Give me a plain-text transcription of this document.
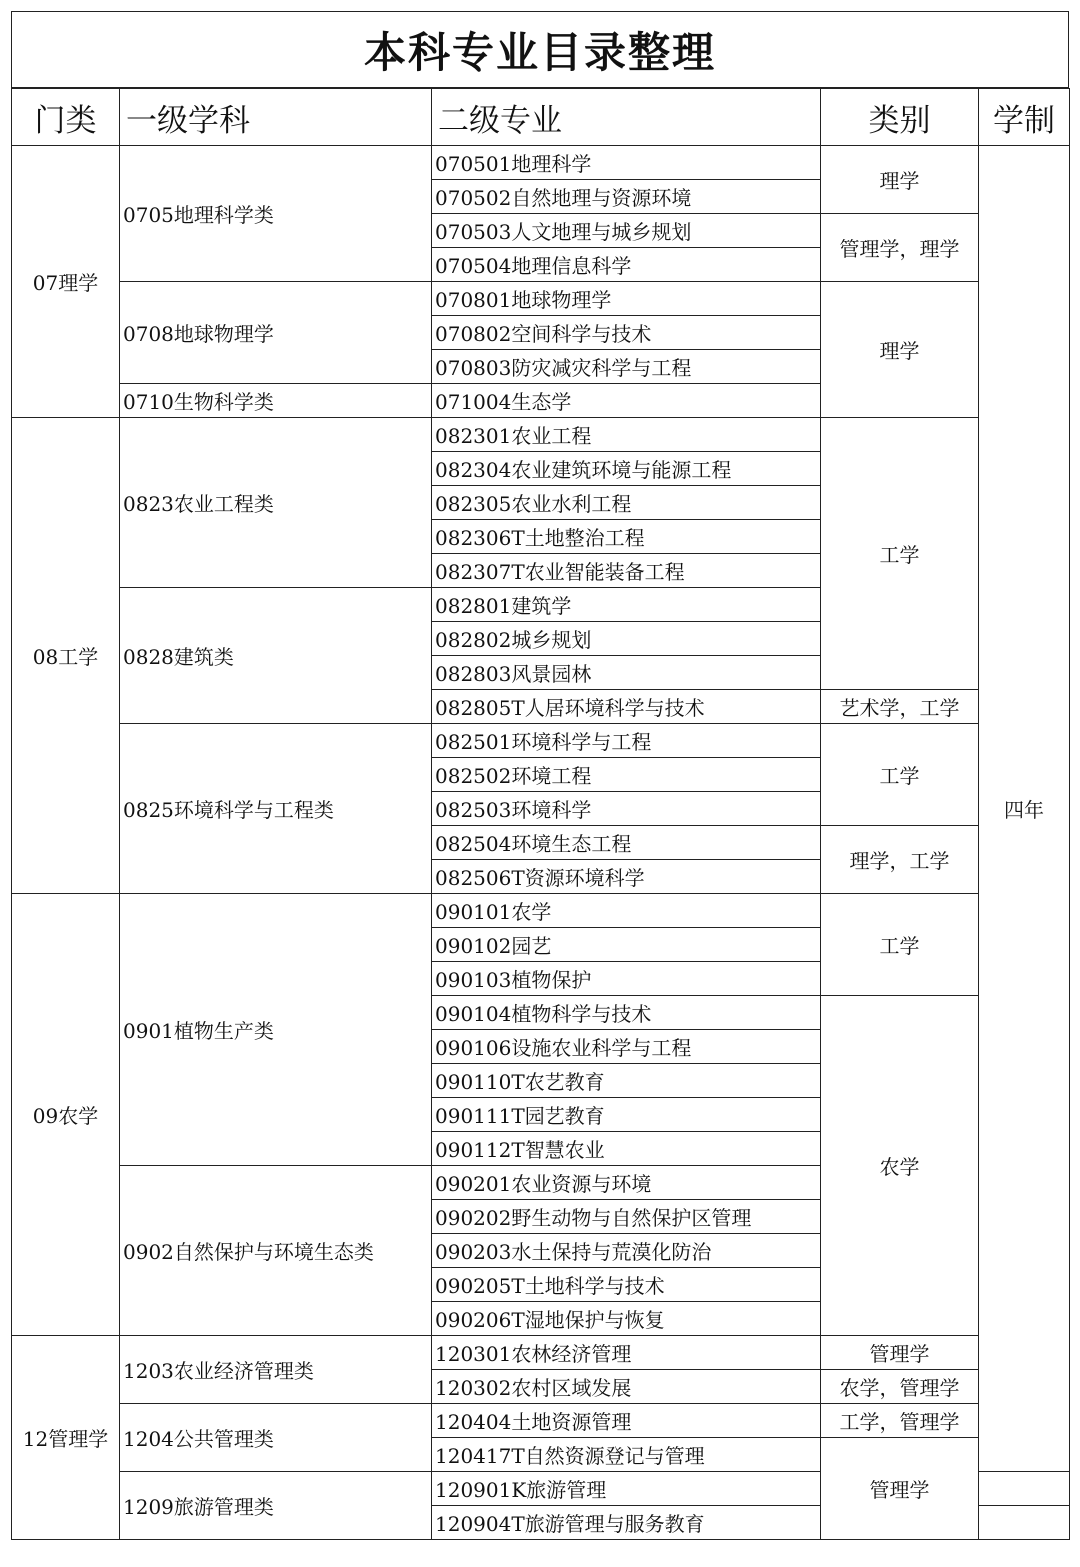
本科专业目录整理
门类	一级学科	二级专业	类别	学制
07理学	0705地理科学类	070501地理科学	理学	四年
		070502自然地理与资源环境		
		070503人文地理与城乡规划	管理学，理学	
		070504地理信息科学		
	0708地球物理学	070801地球物理学	理学	
		070802空间科学与技术		
		070803防灾减灾科学与工程		
	0710生物科学类	071004生态学		
08工学	0823农业工程类	082301农业工程	工学	
		082304农业建筑环境与能源工程		
		082305农业水利工程		
		082306T土地整治工程		
		082307T农业智能装备工程		
	0828建筑类	082801建筑学		
		082802城乡规划		
		082803风景园林		
		082805T人居环境科学与技术	艺术学，工学	
	0825环境科学与工程类	082501环境科学与工程	工学	
		082502环境工程		
		082503环境科学		
		082504环境生态工程	理学，工学	
		082506T资源环境科学		
09农学	0901植物生产类	090101农学	工学	
		090102园艺		
		090103植物保护		
		090104植物科学与技术	农学	
		090106设施农业科学与工程		
		090110T农艺教育		
		090111T园艺教育		
		090112T智慧农业		
	0902自然保护与环境生态类	090201农业资源与环境		
		090202野生动物与自然保护区管理		
		090203水土保持与荒漠化防治		
		090205T土地科学与技术		
		090206T湿地保护与恢复		
12管理学	1203农业经济管理类	120301农林经济管理	管理学	
		120302农村区域发展	农学，管理学	
	1204公共管理类	120404土地资源管理	工学，管理学	
		120417T自然资源登记与管理	管理学	
	1209旅游管理类	120901K旅游管理		
		120904T旅游管理与服务教育		
